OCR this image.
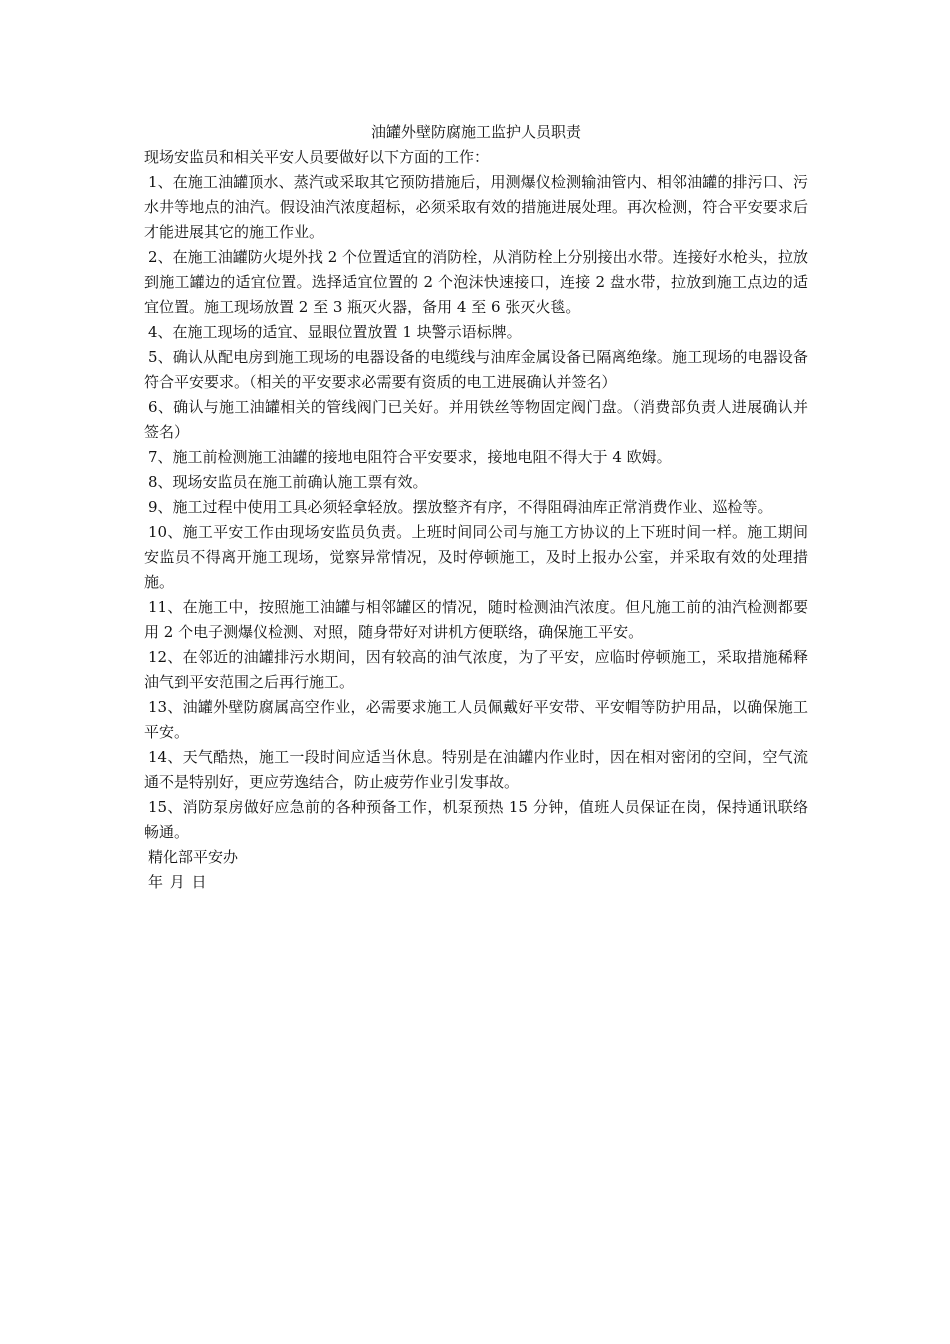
油罐外壁防腐施工监护人员职责

现场安监员和相关平安人员要做好以下方面的工作：

1、在施工油罐顶水、蒸汽或采取其它预防措施后，用测爆仪检测输油管内、相邻油罐的排污口、污水井等地点的油汽。假设油汽浓度超标，必须采取有效的措施进展处理。再次检测，符合平安要求后才能进展其它的施工作业。

2、在施工油罐防火堤外找 2 个位置适宜的消防栓，从消防栓上分别接出水带。连接好水枪头，拉放到施工罐边的适宜位置。选择适宜位置的 2 个泡沫快速接口，连接 2 盘水带，拉放到施工点边的适宜位置。施工现场放置 2 至 3 瓶灭火器，备用 4 至 6 张灭火毯。

4、在施工现场的适宜、显眼位置放置 1 块警示语标牌。

5、确认从配电房到施工现场的电器设备的电缆线与油库金属设备已隔离绝缘。施工现场的电器设备符合平安要求。（相关的平安要求必需要有资质的电工进展确认并签名）

6、确认与施工油罐相关的管线阀门已关好。并用铁丝等物固定阀门盘。（消费部负责人进展确认并签名）

7、施工前检测施工油罐的接地电阻符合平安要求，接地电阻不得大于 4 欧姆。

8、现场安监员在施工前确认施工票有效。

9、施工过程中使用工具必须轻拿轻放。摆放整齐有序，不得阻碍油库正常消费作业、巡检等。

10、施工平安工作由现场安监员负责。上班时间同公司与施工方协议的上下班时间一样。施工期间安监员不得离开施工现场，觉察异常情况，及时停顿施工，及时上报办公室，并采取有效的处理措施。

11、在施工中，按照施工油罐与相邻罐区的情况，随时检测油汽浓度。但凡施工前的油汽检测都要用 2 个电子测爆仪检测、对照，随身带好对讲机方便联络，确保施工平安。

12、在邻近的油罐排污水期间，因有较高的油气浓度，为了平安，应临时停顿施工，采取措施稀释油气到平安范围之后再行施工。

13、油罐外壁防腐属高空作业，必需要求施工人员佩戴好平安带、平安帽等防护用品，以确保施工平安。

14、天气酷热，施工一段时间应适当休息。特别是在油罐内作业时，因在相对密闭的空间，空气流通不是特别好，更应劳逸结合，防止疲劳作业引发事故。

15、消防泵房做好应急前的各种预备工作，机泵预热 15 分钟，值班人员保证在岗，保持通讯联络畅通。

精化部平安办

年 月 日
